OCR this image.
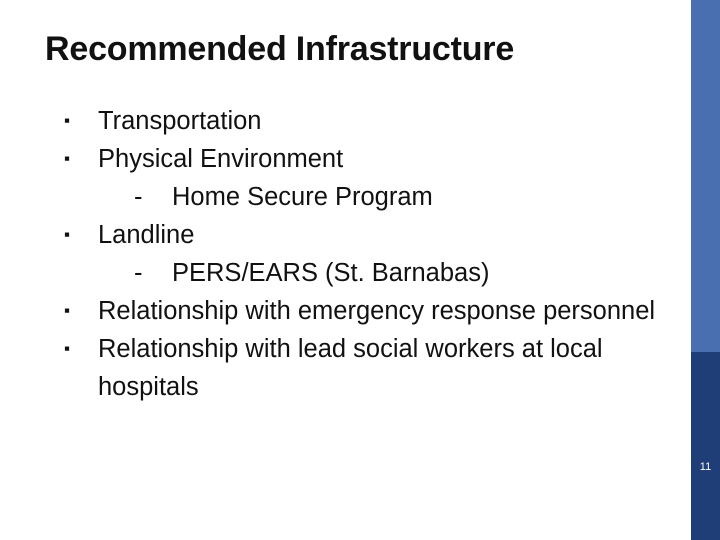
Recommended Infrastructure
▪	Transportation
▪	Physical Environment
- Home Secure Program
▪	Landline
- PERS/EARS (St. Barnabas)
▪	Relationship with emergency response personnel
▪	Relationship with lead social workers at local hospitals
11
